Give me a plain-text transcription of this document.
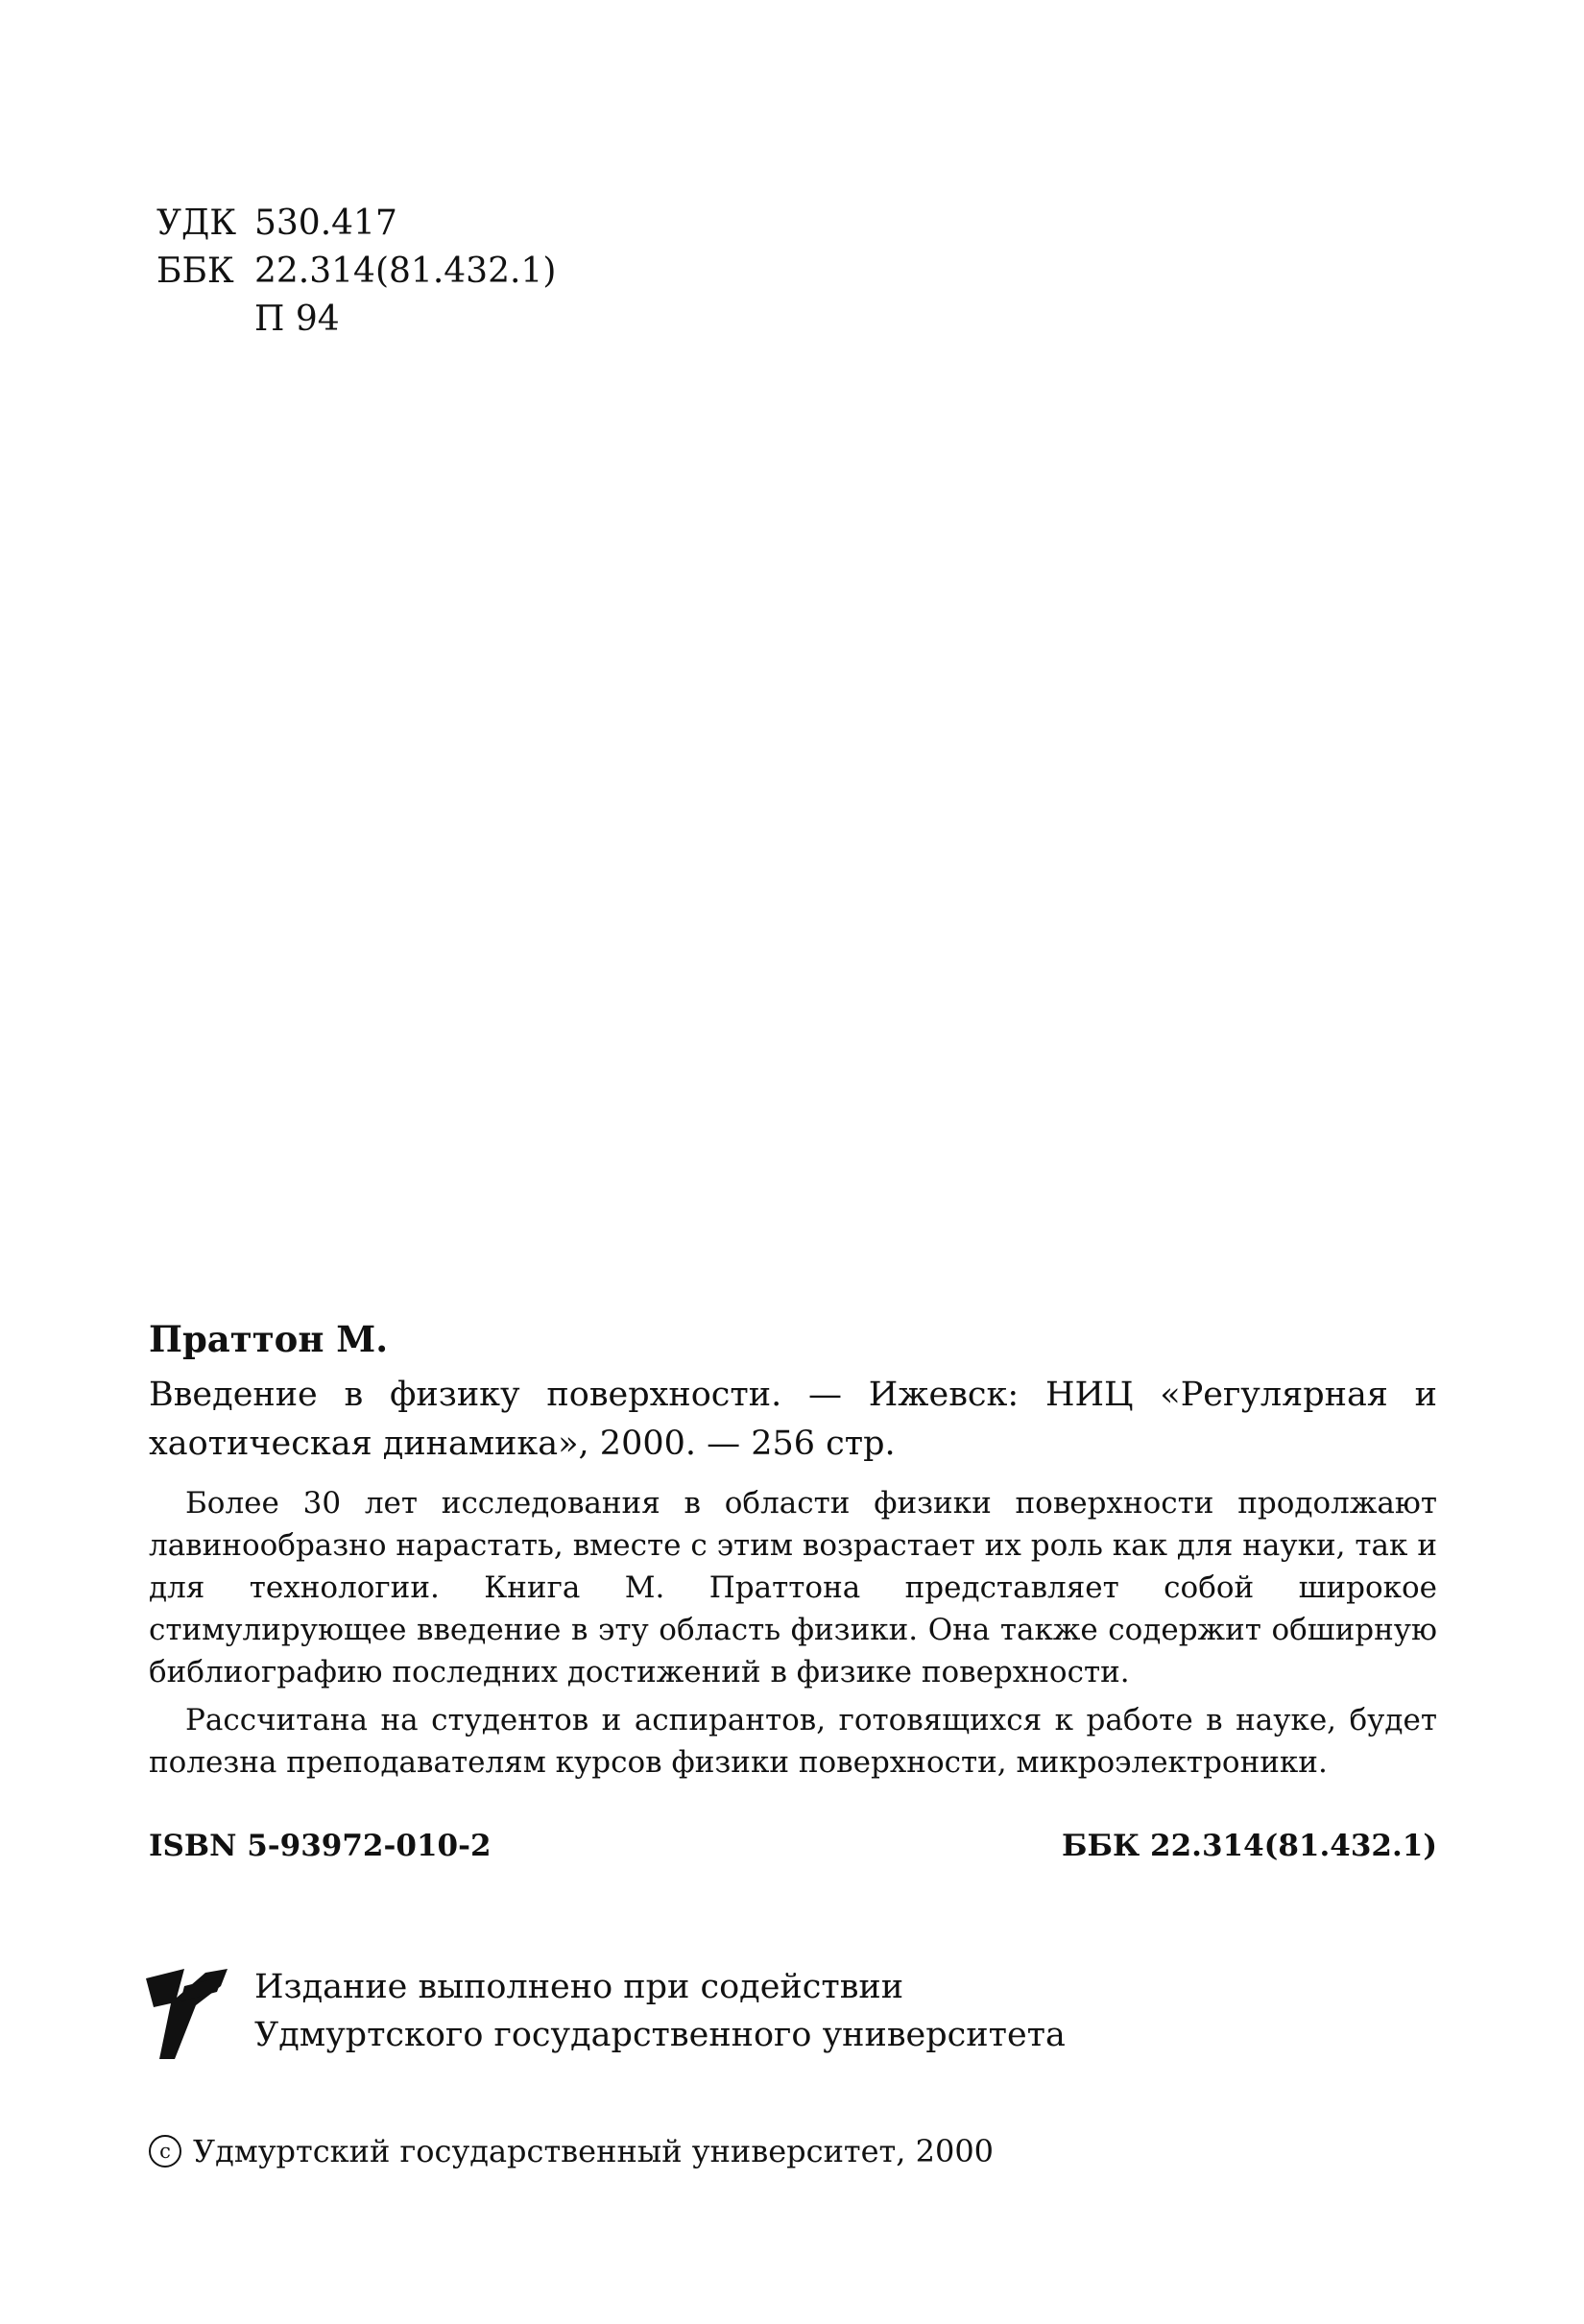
УДК 530.417
ББК 22.314(81.432.1)
П 94
Праттон М.

Введение в физику поверхности. — Ижевск: НИЦ «Регулярная и хаотическая динамика», 2000. — 256 стр.

Более 30 лет исследования в области физики поверхности продолжают лавинообразно нарастать, вместе с этим возрастает их роль как для науки, так и для технологии. Книга М. Праттона представляет собой широкое стимулирующее введение в эту область физики. Она также содержит обширную библиографию последних достижений в физике поверхности.

Рассчитана на студентов и аспирантов, готовящихся к работе в науке, будет полезна преподавателям курсов физики поверхности, микроэлектроники.

ISBN 5-93972-010-2	ББК 22.314(81.432.1)
Издание выполнено при содействии
Удмуртского государственного университета
c Удмуртский государственный университет, 2000
